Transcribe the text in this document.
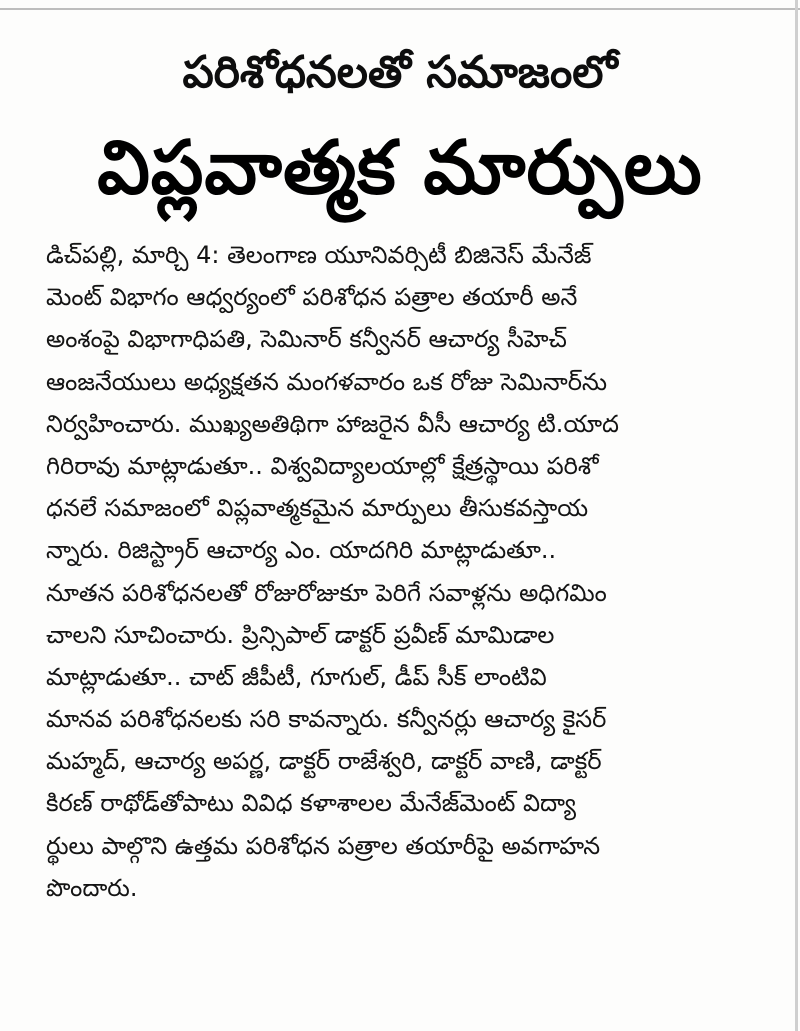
పరిశోధనలతో సమాజంలో
విప్లవాత్మక మార్పులు
డిచ్‌పల్లి, మార్చి 4: తెలంగాణ యూనివర్సిటీ బిజినెస్ మేనేజ్
మెంట్ విభాగం ఆధ్వర్యంలో పరిశోధన పత్రాల తయారీ అనే
అంశంపై విభాగాధిపతి, సెమినార్ కన్వీనర్ ఆచార్య సీహెచ్
ఆంజనేయులు అధ్యక్షతన మంగళవారం ఒక రోజు సెమినార్‌ను
నిర్వహించారు. ముఖ్యఅతిథిగా హాజరైన వీసీ ఆచార్య టి.యాద
గిరిరావు మాట్లాడుతూ.. విశ్వవిద్యాలయాల్లో క్షేత్రస్థాయి పరిశో
ధనలే సమాజంలో విప్లవాత్మకమైన మార్పులు తీసుకవస్తాయ
న్నారు. రిజిస్ట్రార్ ఆచార్య ఎం. యాదగిరి మాట్లాడుతూ..
నూతన పరిశోధనలతో రోజురోజుకూ పెరిగే సవాళ్లను అధిగమిం
చాలని సూచించారు. ప్రిన్సిపాల్ డాక్టర్ ప్రవీణ్ మామిడాల
మాట్లాడుతూ.. చాట్ జీపీటీ, గూగుల్, డీప్ సీక్ లాంటివి
మానవ పరిశోధనలకు సరి కావన్నారు. కన్వీనర్లు ఆచార్య కైసర్
మహ్మద్, ఆచార్య అపర్ణ, డాక్టర్ రాజేశ్వరి, డాక్టర్ వాణి, డాక్టర్
కిరణ్ రాథోడ్‌తోపాటు వివిధ కళాశాలల మేనేజ్‌మెంట్ విద్యా
ర్థులు పాల్గొని ఉత్తమ పరిశోధన పత్రాల తయారీపై అవగాహన
పొందారు.
